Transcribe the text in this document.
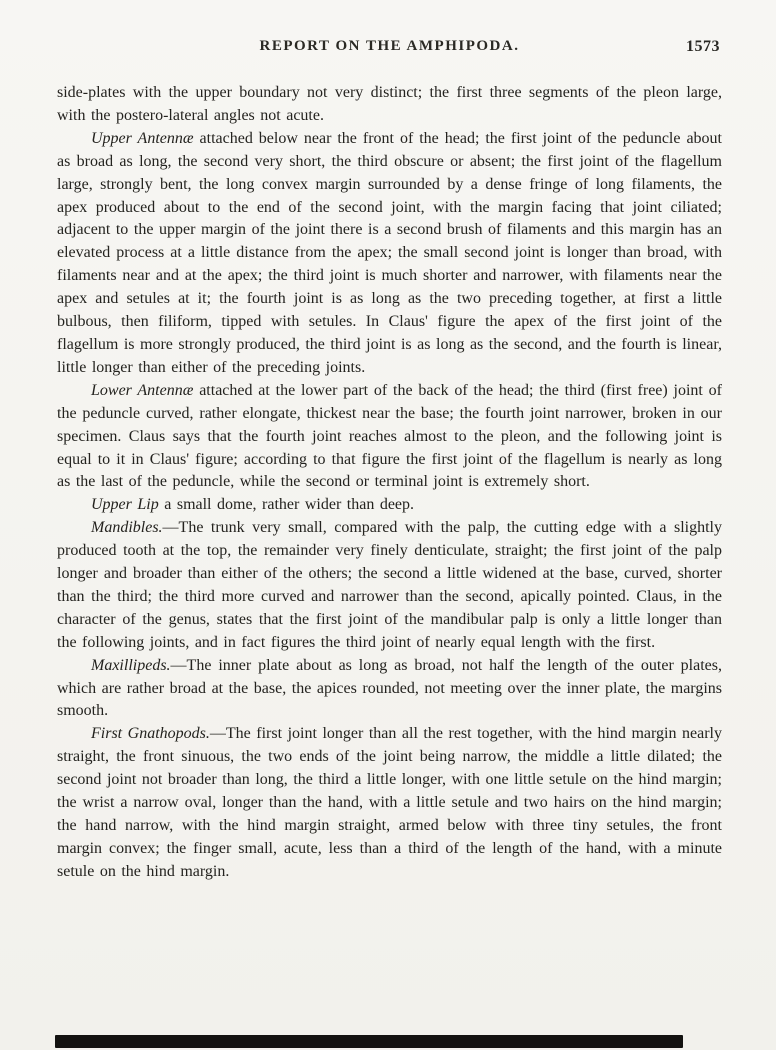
REPORT ON THE AMPHIPODA.	1573

side-plates with the upper boundary not very distinct; the first three segments of the pleon large, with the postero-lateral angles not acute.

Upper Antennæ attached below near the front of the head; the first joint of the peduncle about as broad as long, the second very short, the third obscure or absent; the first joint of the flagellum large, strongly bent, the long convex margin surrounded by a dense fringe of long filaments, the apex produced about to the end of the second joint, with the margin facing that joint ciliated; adjacent to the upper margin of the joint there is a second brush of filaments and this margin has an elevated process at a little distance from the apex; the small second joint is longer than broad, with filaments near and at the apex; the third joint is much shorter and narrower, with filaments near the apex and setules at it; the fourth joint is as long as the two preceding together, at first a little bulbous, then filiform, tipped with setules. In Claus' figure the apex of the first joint of the flagellum is more strongly produced, the third joint is as long as the second, and the fourth is linear, little longer than either of the preceding joints.

Lower Antennæ attached at the lower part of the back of the head; the third (first free) joint of the peduncle curved, rather elongate, thickest near the base; the fourth joint narrower, broken in our specimen. Claus says that the fourth joint reaches almost to the pleon, and the following joint is equal to it in Claus' figure; according to that figure the first joint of the flagellum is nearly as long as the last of the peduncle, while the second or terminal joint is extremely short.

Upper Lip a small dome, rather wider than deep.

Mandibles.—The trunk very small, compared with the palp, the cutting edge with a slightly produced tooth at the top, the remainder very finely denticulate, straight; the first joint of the palp longer and broader than either of the others; the second a little widened at the base, curved, shorter than the third; the third more curved and narrower than the second, apically pointed. Claus, in the character of the genus, states that the first joint of the mandibular palp is only a little longer than the following joints, and in fact figures the third joint of nearly equal length with the first.

Maxillipeds.—The inner plate about as long as broad, not half the length of the outer plates, which are rather broad at the base, the apices rounded, not meeting over the inner plate, the margins smooth.

First Gnathopods.—The first joint longer than all the rest together, with the hind margin nearly straight, the front sinuous, the two ends of the joint being narrow, the middle a little dilated; the second joint not broader than long, the third a little longer, with one little setule on the hind margin; the wrist a narrow oval, longer than the hand, with a little setule and two hairs on the hind margin; the hand narrow, with the hind margin straight, armed below with three tiny setules, the front margin convex; the finger small, acute, less than a third of the length of the hand, with a minute setule on the hind margin.
